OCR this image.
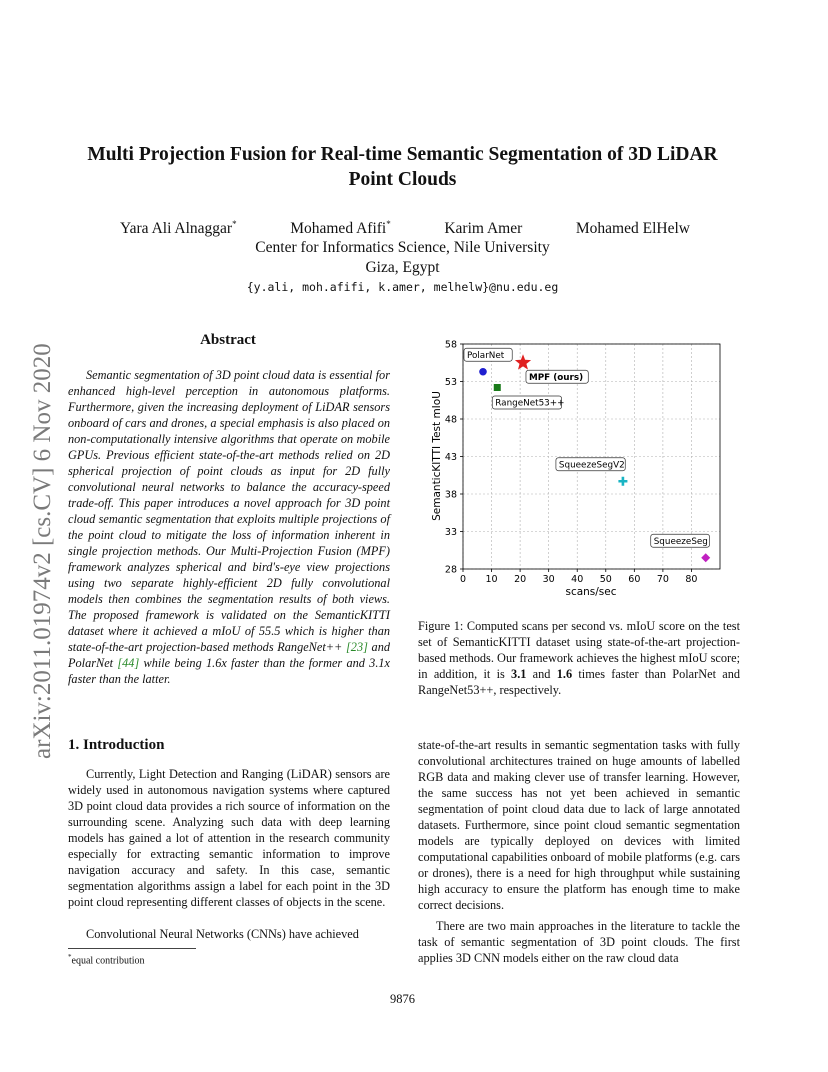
arXiv:2011.01974v2 [cs.CV] 6 Nov 2020
Multi Projection Fusion for Real-time Semantic Segmentation of 3D LiDAR
Point Clouds
Yara Ali Alnaggar*	Mohamed Afifi*	Karim Amer	Mohamed ElHelw
Center for Informatics Science, Nile University
Giza, Egypt
{y.ali, moh.afifi, k.amer, melhelw}@nu.edu.eg
Abstract

Semantic segmentation of 3D point cloud data is essential for enhanced high-level perception in autonomous platforms. Furthermore, given the increasing deployment of LiDAR sensors onboard of cars and drones, a special emphasis is also placed on non-computationally intensive algorithms that operate on mobile GPUs. Previous efficient state-of-the-art methods relied on 2D spherical projection of point clouds as input for 2D fully convolutional neural networks to balance the accuracy-speed trade-off. This paper introduces a novel approach for 3D point cloud semantic segmentation that exploits multiple projections of the point cloud to mitigate the loss of information inherent in single projection methods. Our Multi-Projection Fusion (MPF) framework analyzes spherical and bird's-eye view projections using two separate highly-efficient 2D fully convolutional models then combines the segmentation results of both views. The proposed framework is validated on the SemanticKITTI dataset where it achieved a mIoU of 55.5 which is higher than state-of-the-art projection-based methods RangeNet++ [23] and PolarNet [44] while being 1.6x faster than the former and 3.1x faster than the latter.

0 10 20 30 40 50 60 70 80
28
33
38
43
48
53
58
PolarNet
MPF (ours)
RangeNet53++
SqueezeSegV2
SqueezeSeg
scans/sec
SemanticKITTI Test mIoU

Figure 1: Computed scans per second vs. mIoU score on the test set of SemanticKITTI dataset using state-of-the-art projection-based methods. Our framework achieves the highest mIoU score; in addition, it is 3.1 and 1.6 times faster than PolarNet and RangeNet53++, respectively.

1. Introduction

Currently, Light Detection and Ranging (LiDAR) sensors are widely used in autonomous navigation systems where captured 3D point cloud data provides a rich source of information on the surrounding scene. Analyzing such data with deep learning models has gained a lot of attention in the research community especially for extracting semantic information to improve navigation accuracy and safety. In this case, semantic segmentation algorithms assign a label for each point in the 3D point cloud representing different classes of objects in the scene.

Convolutional Neural Networks (CNNs) have achieved

state-of-the-art results in semantic segmentation tasks with fully convolutional architectures trained on huge amounts of labelled RGB data and making clever use of transfer learning. However, the same success has not yet been achieved in semantic segmentation of point cloud data due to lack of large annotated datasets. Furthermore, since point cloud semantic segmentation models are typically deployed on devices with limited computational capabilities onboard of mobile platforms (e.g. cars or drones), there is a need for high throughput while sustaining high accuracy to ensure the platform has enough time to make correct decisions.

There are two main approaches in the literature to tackle the task of semantic segmentation of 3D point clouds. The first applies 3D CNN models either on the raw cloud data

*equal contribution
9876
